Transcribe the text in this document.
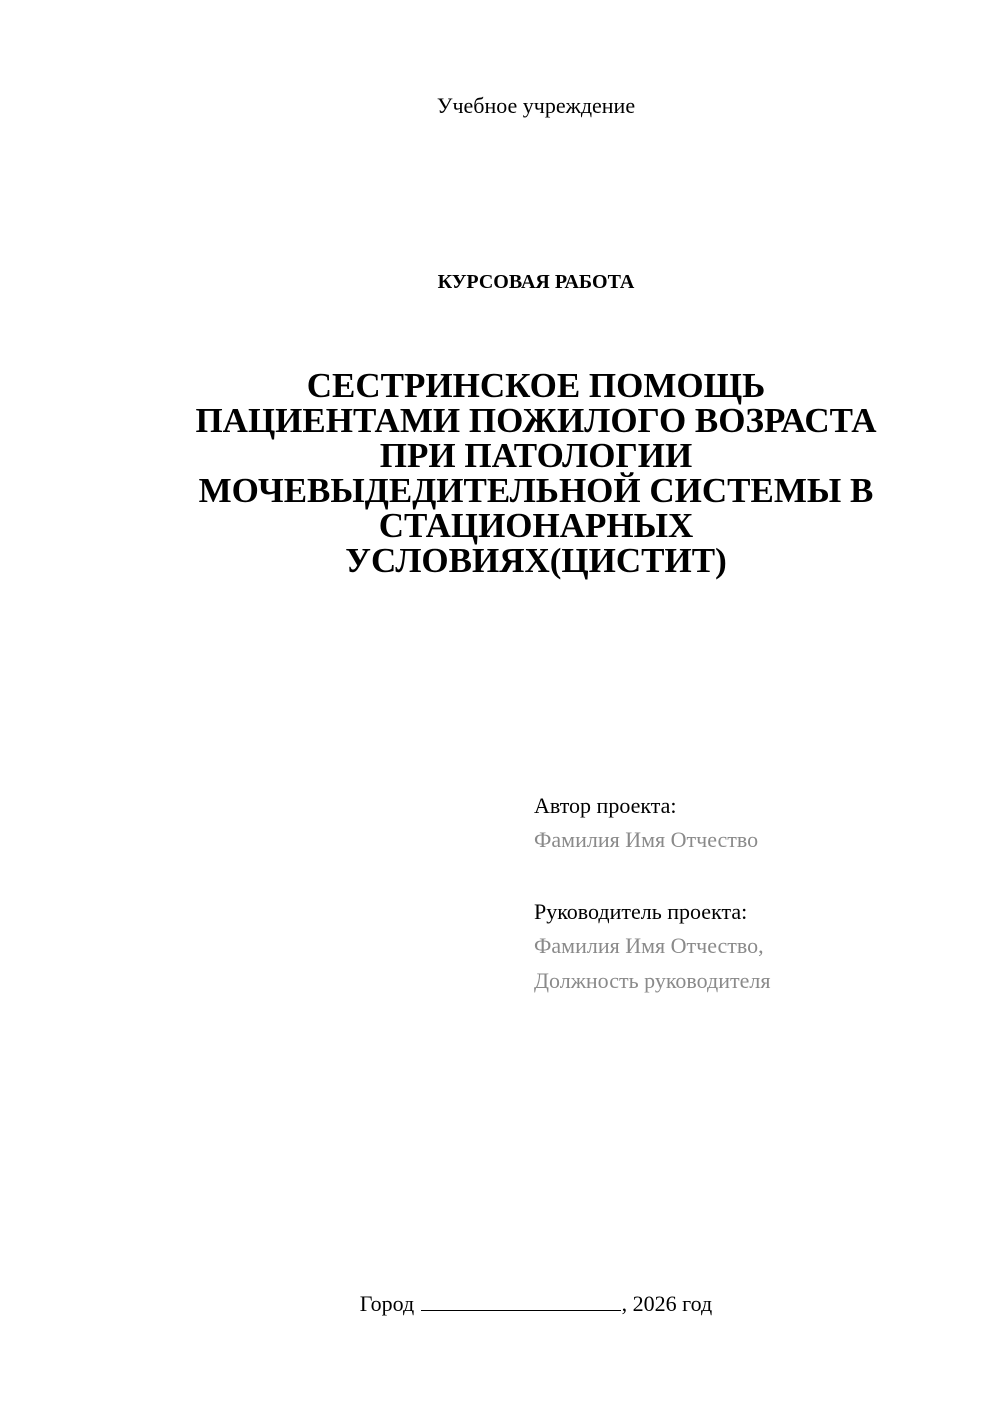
Учебное учреждение
КУРСОВАЯ РАБОТА
СЕСТРИНСКОЕ ПОМОЩЬ
ПАЦИЕНТАМИ ПОЖИЛОГО ВОЗРАСТА
ПРИ ПАТОЛОГИИ
МОЧЕВЫДЕДИТЕЛЬНОЙ СИСТЕМЫ В
СТАЦИОНАРНЫХ
УСЛОВИЯХ(ЦИСТИТ)
Автор проекта:
Фамилия Имя Отчество
Руководитель проекта:
Фамилия Имя Отчество,
Должность руководителя
Город	, 2026 год
